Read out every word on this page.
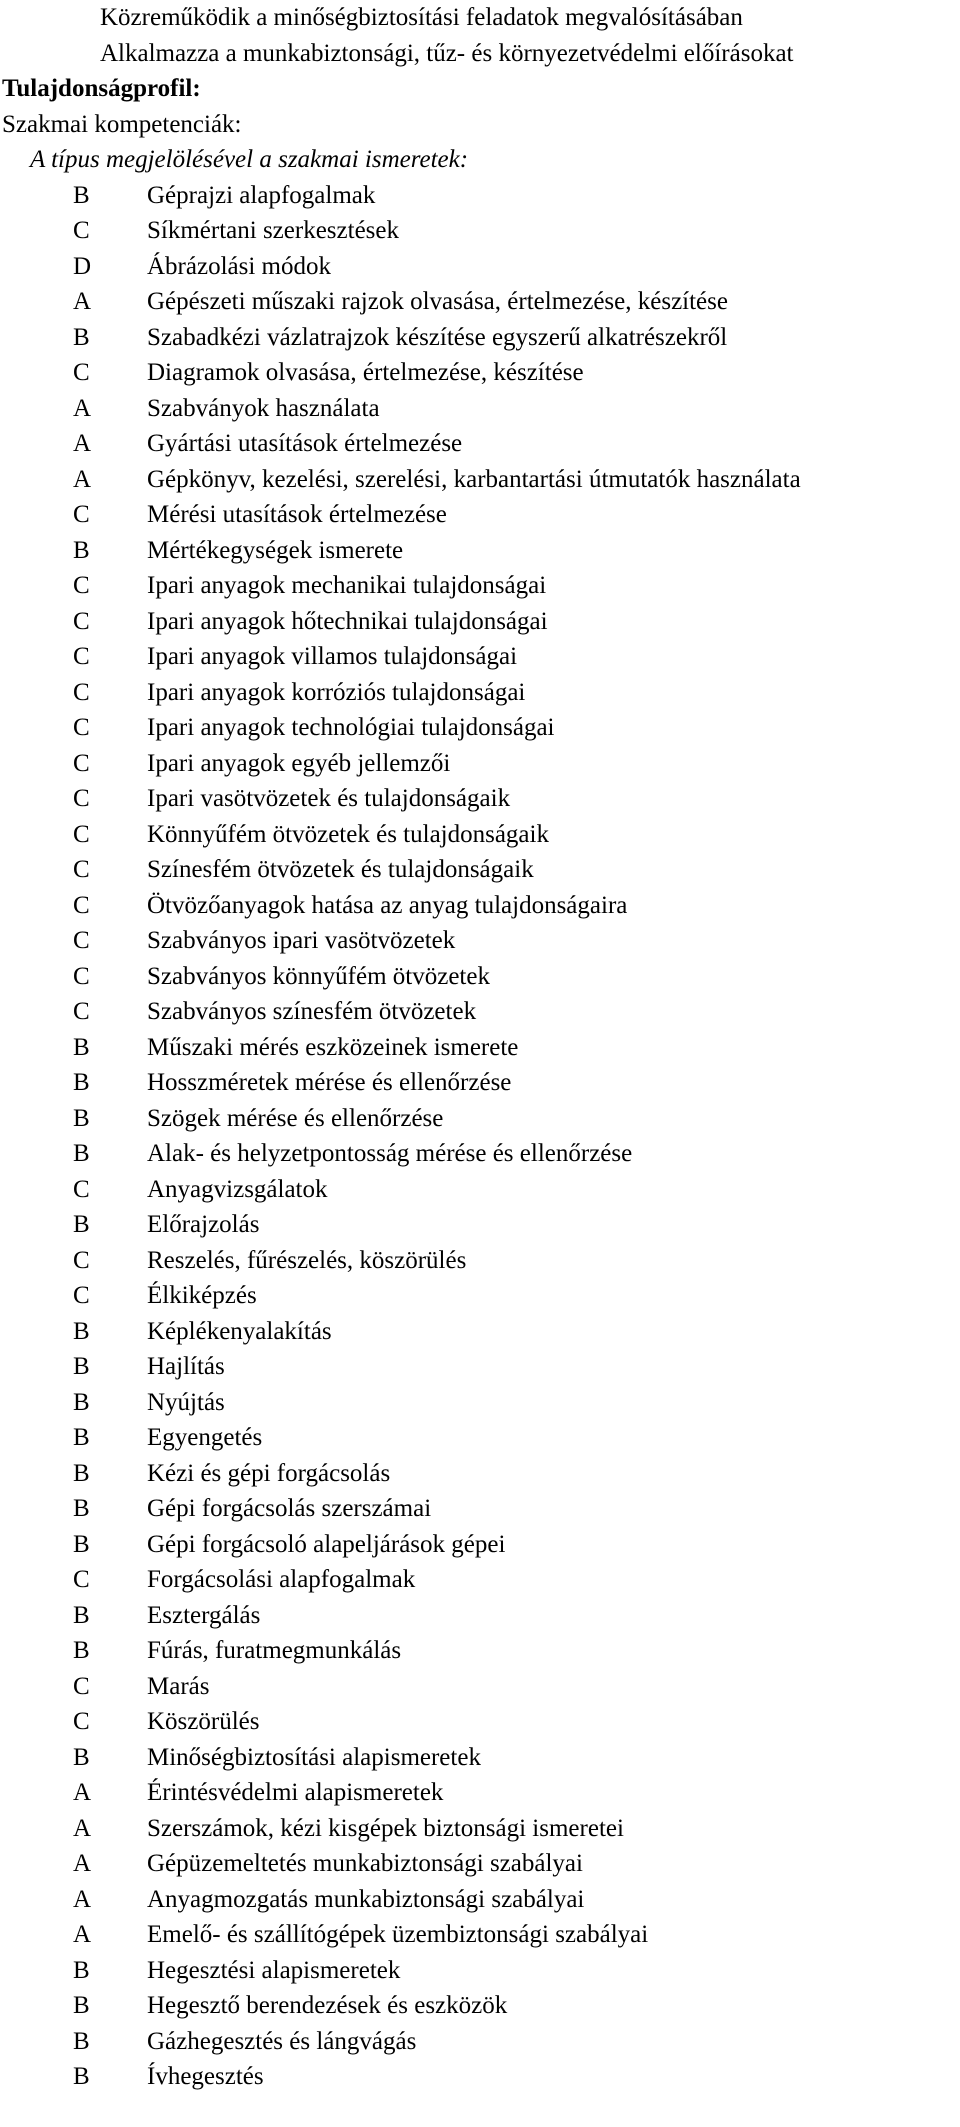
Közreműködik a minőségbiztosítási feladatok megvalósításában
Alkalmazza a munkabiztonsági, tűz- és környezetvédelmi előírásokat
Tulajdonságprofil:
Szakmai kompetenciák:
A típus megjelölésével a szakmai ismeretek:
B	Géprajzi alapfogalmak
C	Síkmértani szerkesztések
D	Ábrázolási módok
A	Gépészeti műszaki rajzok olvasása, értelmezése, készítése
B	Szabadkézi vázlatrajzok készítése egyszerű alkatrészekről
C	Diagramok olvasása, értelmezése, készítése
A	Szabványok használata
A	Gyártási utasítások értelmezése
A	Gépkönyv, kezelési, szerelési, karbantartási útmutatók használata
C	Mérési utasítások értelmezése
B	Mértékegységek ismerete
C	Ipari anyagok mechanikai tulajdonságai
C	Ipari anyagok hőtechnikai tulajdonságai
C	Ipari anyagok villamos tulajdonságai
C	Ipari anyagok korróziós tulajdonságai
C	Ipari anyagok technológiai tulajdonságai
C	Ipari anyagok egyéb jellemzői
C	Ipari vasötvözetek és tulajdonságaik
C	Könnyűfém ötvözetek és tulajdonságaik
C	Színesfém ötvözetek és tulajdonságaik
C	Ötvözőanyagok hatása az anyag tulajdonságaira
C	Szabványos ipari vasötvözetek
C	Szabványos könnyűfém ötvözetek
C	Szabványos színesfém ötvözetek
B	Műszaki mérés eszközeinek ismerete
B	Hosszméretek mérése és ellenőrzése
B	Szögek mérése és ellenőrzése
B	Alak- és helyzetpontosság mérése és ellenőrzése
C	Anyagvizsgálatok
B	Előrajzolás
C	Reszelés, fűrészelés, köszörülés
C	Élkiképzés
B	Képlékenyalakítás
B	Hajlítás
B	Nyújtás
B	Egyengetés
B	Kézi és gépi forgácsolás
B	Gépi forgácsolás szerszámai
B	Gépi forgácsoló alapeljárások gépei
C	Forgácsolási alapfogalmak
B	Esztergálás
B	Fúrás, furatmegmunkálás
C	Marás
C	Köszörülés
B	Minőségbiztosítási alapismeretek
A	Érintésvédelmi alapismeretek
A	Szerszámok, kézi kisgépek biztonsági ismeretei
A	Gépüzemeltetés munkabiztonsági szabályai
A	Anyagmozgatás munkabiztonsági szabályai
A	Emelő- és szállítógépek üzembiztonsági szabályai
B	Hegesztési alapismeretek
B	Hegesztő berendezések és eszközök
B	Gázhegesztés és lángvágás
B	Ívhegesztés
